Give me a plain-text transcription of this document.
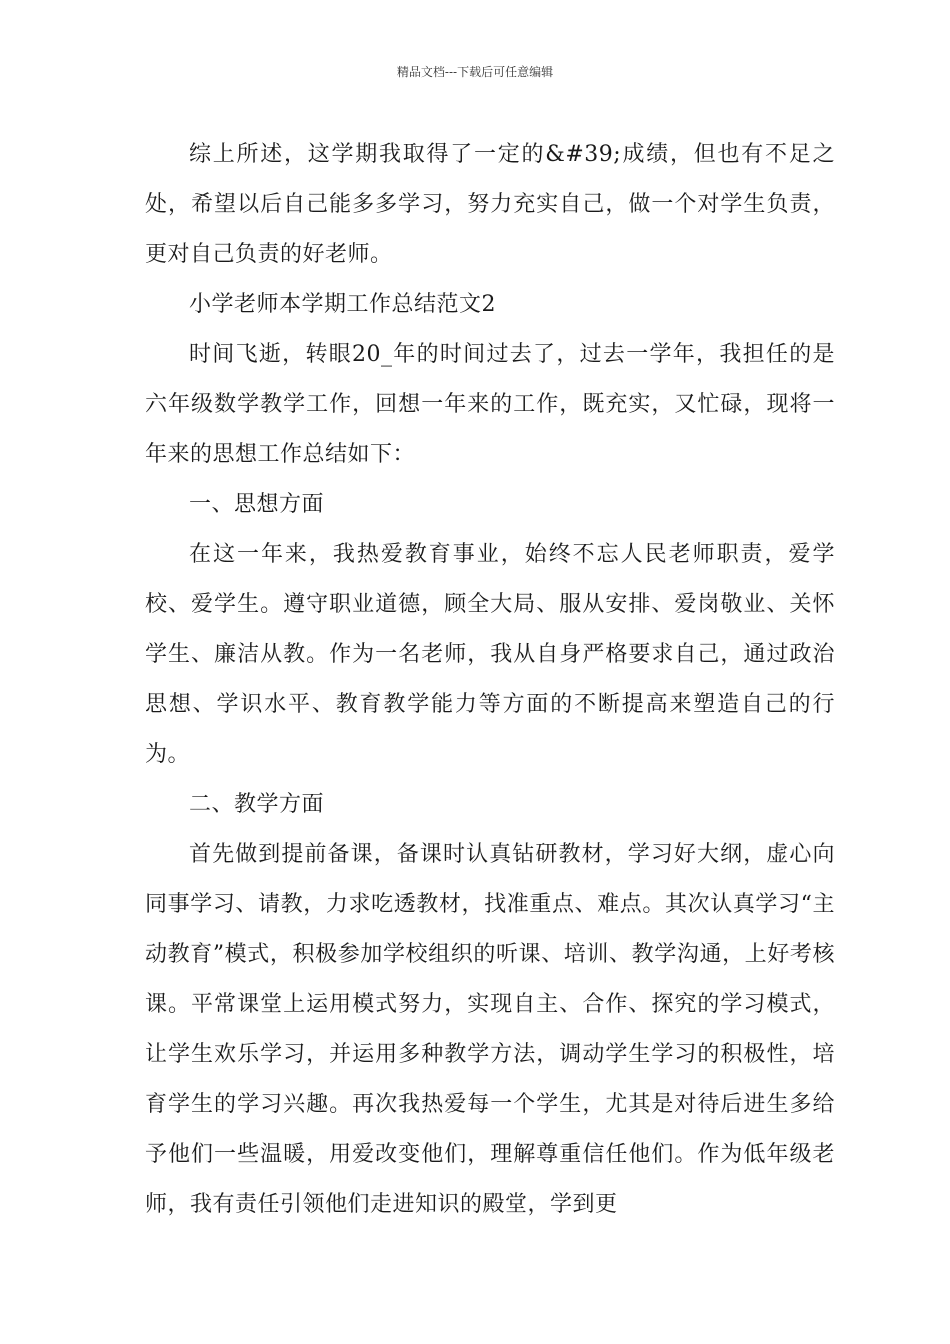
精品文档---下载后可任意编辑

综上所述，这学期我取得了一定的&#39;成绩，但也有不足之处，希望以后自己能多多学习，努力充实自己，做一个对学生负责，更对自己负责的好老师。

小学老师本学期工作总结范文2

时间飞逝，转眼20_年的时间过去了，过去一学年，我担任的是六年级数学教学工作，回想一年来的工作，既充实，又忙碌，现将一年来的思想工作总结如下：

一、思想方面

在这一年来，我热爱教育事业，始终不忘人民老师职责，爱学校、爱学生。遵守职业道德，顾全大局、服从安排、爱岗敬业、关怀学生、廉洁从教。作为一名老师，我从自身严格要求自己，通过政治思想、学识水平、教育教学能力等方面的不断提高来塑造自己的行为。

二、教学方面

首先做到提前备课，备课时认真钻研教材，学习好大纲，虚心向同事学习、请教，力求吃透教材，找准重点、难点。其次认真学习“主动教育”模式，积极参加学校组织的听课、培训、教学沟通，上好考核课。平常课堂上运用模式努力，实现自主、合作、探究的学习模式，让学生欢乐学习，并运用多种教学方法，调动学生学习的积极性，培育学生的学习兴趣。再次我热爱每一个学生，尤其是对待后进生多给予他们一些温暖，用爱改变他们，理解尊重信任他们。作为低年级老师，我有责任引领他们走进知识的殿堂，学到更
